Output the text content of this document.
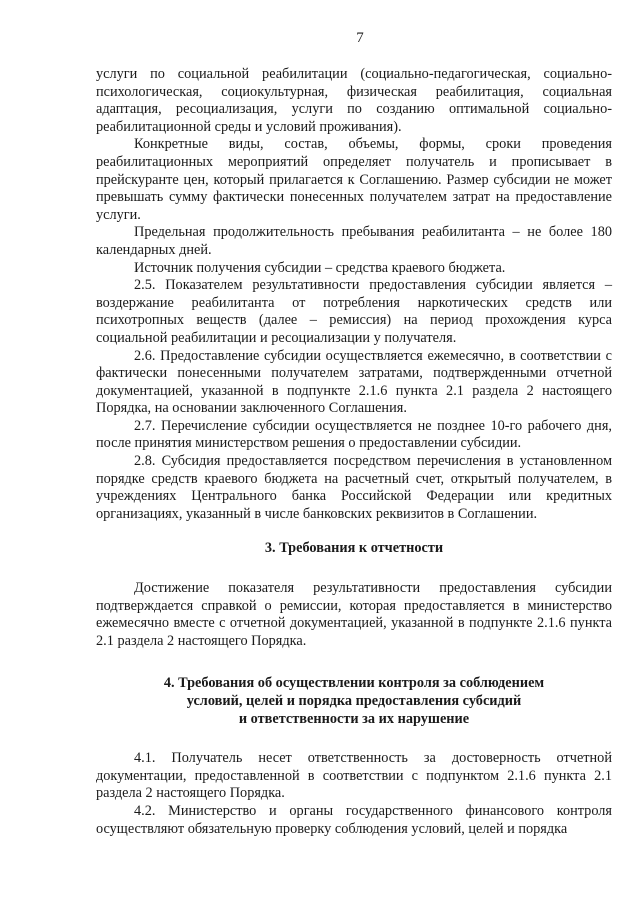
7

услуги по социальной реабилитации (социально-педагогическая, социально-психологическая, социокультурная, физическая реабилитация, социальная адаптация, ресоциализация, услуги по созданию оптимальной социально-реабилитационной среды и условий проживания).

Конкретные виды, состав, объемы, формы, сроки проведения реабилитационных мероприятий определяет получатель и прописывает в прейскуранте цен, который прилагается к Соглашению. Размер субсидии не может превышать сумму фактически понесенных получателем затрат на предоставление услуги.

Предельная продолжительность пребывания реабилитанта – не более 180 календарных дней.

Источник получения субсидии – средства краевого бюджета.

2.5. Показателем результативности предоставления субсидии является – воздержание реабилитанта от потребления наркотических средств или психотропных веществ (далее – ремиссия) на период прохождения курса социальной реабилитации и ресоциализации у получателя.

2.6. Предоставление субсидии осуществляется ежемесячно, в соответствии с фактически понесенными получателем затратами, подтвержденными отчетной документацией, указанной в подпункте 2.1.6 пункта 2.1 раздела 2 настоящего Порядка, на основании заключенного Соглашения.

2.7. Перечисление субсидии осуществляется не позднее 10-го рабочего дня, после принятия министерством решения о предоставлении субсидии.

2.8. Субсидия предоставляется посредством перечисления в установленном порядке средств краевого бюджета на расчетный счет, открытый получателем, в учреждениях Центрального банка Российской Федерации или кредитных организациях, указанный в числе банковских реквизитов в Соглашении.

3. Требования к отчетности

Достижение показателя результативности предоставления субсидии подтверждается справкой о ремиссии, которая предоставляется в министерство ежемесячно вместе с отчетной документацией, указанной в подпункте 2.1.6 пункта 2.1 раздела 2 настоящего Порядка.

4. Требования об осуществлении контроля за соблюдением
условий, целей и порядка предоставления субсидий
и ответственности за их нарушение

4.1. Получатель несет ответственность за достоверность отчетной документации, предоставленной в соответствии с подпунктом 2.1.6 пункта 2.1 раздела 2 настоящего Порядка.

4.2. Министерство и органы государственного финансового контроля осуществляют обязательную проверку соблюдения условий, целей и порядка
